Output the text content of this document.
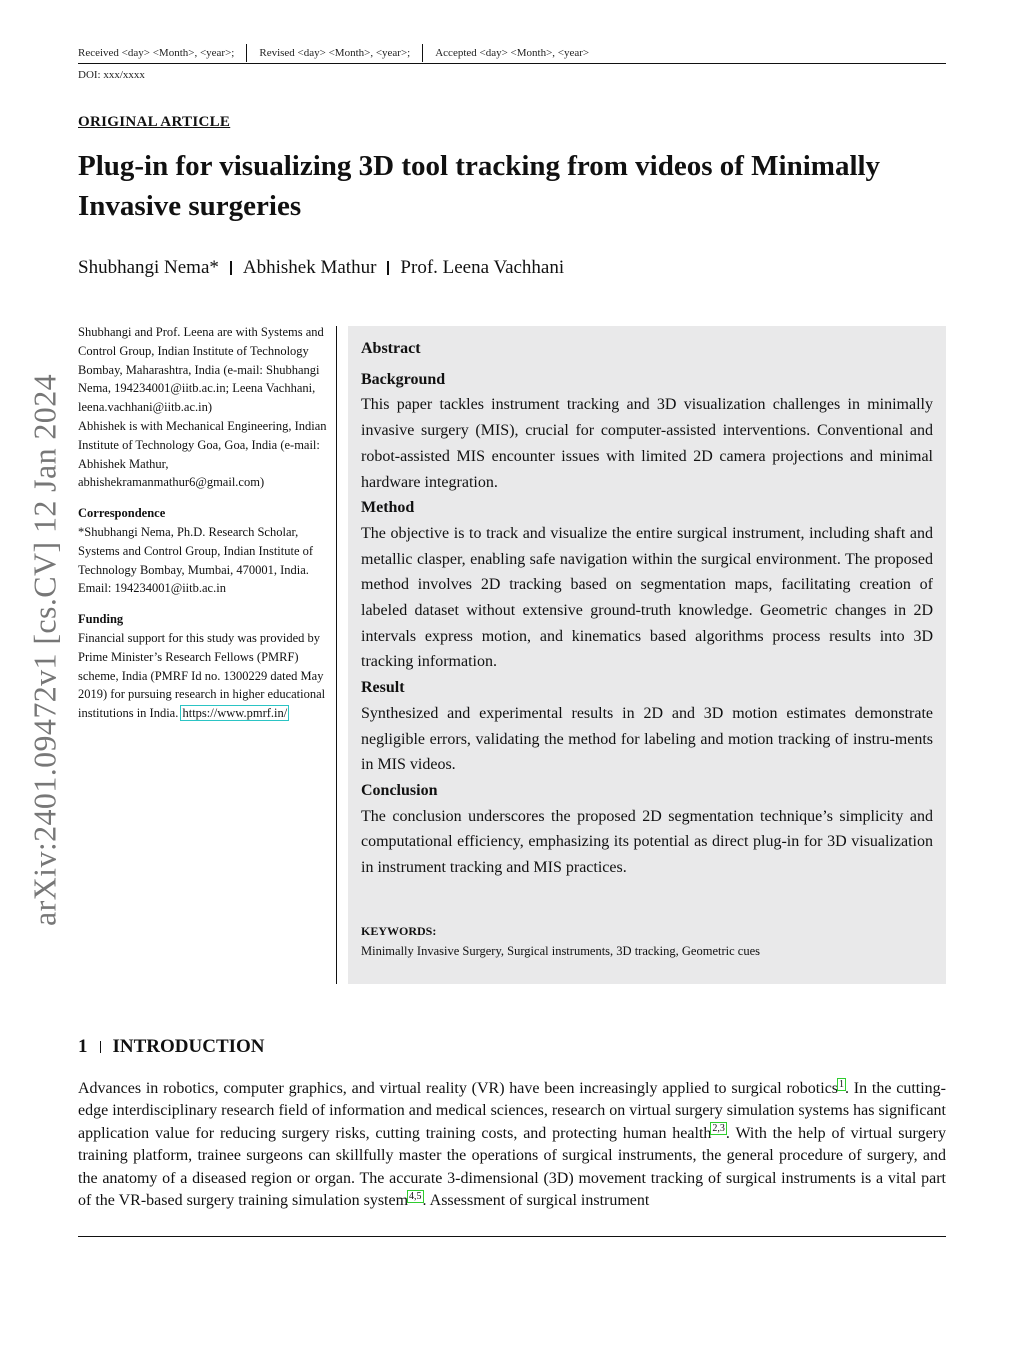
Received <day> <Month>, <year>; Revised <day> <Month>, <year>; Accepted <day> <Month>, <year>
DOI: xxx/xxxx
ORIGINAL ARTICLE
Plug-in for visualizing 3D tool tracking from videos of Minimally Invasive surgeries
Shubhangi Nema* Abhishek Mathur Prof. Leena Vachhani
arXiv:2401.09472v1 [cs.CV] 12 Jan 2024

Shubhangi and Prof. Leena are with Systems and Control Group, Indian Institute of Technology Bombay, Maharashtra, India (e-mail: Shubhangi Nema, 194234001@iitb.ac.in; Leena Vachhani, leena.vachhani@iitb.ac.in)

Abhishek is with Mechanical Engineering, Indian Institute of Technology Goa, Goa, India (e-mail: Abhishek Mathur, abhishekramanmathur6@gmail.com)

Correspondence

*Shubhangi Nema, Ph.D. Research Scholar, Systems and Control Group, Indian Institute of Technology Bombay, Mumbai, 470001, India. Email: 194234001@iitb.ac.in

Funding

Financial support for this study was provided by Prime Minister’s Research Fellows (PMRF) scheme, India (PMRF Id no. 1300229 dated May 2019) for pursuing research in higher educational institutions in India. https://www.pmrf.in/

Abstract

Background

This paper tackles instrument tracking and 3D visualization challenges in minimally invasive surgery (MIS), crucial for computer-assisted interventions. Conventional and robot-assisted MIS encounter issues with limited 2D camera projections and minimal hardware integration.

Method

The objective is to track and visualize the entire surgical instrument, including shaft and metallic clasper, enabling safe navigation within the surgical environment. The proposed method involves 2D tracking based on segmentation maps, facilitating creation of labeled dataset without extensive ground-truth knowledge. Geometric changes in 2D intervals express motion, and kinematics based algorithms process results into 3D tracking information.

Result

Synthesized and experimental results in 2D and 3D motion estimates demonstrate negligible errors, validating the method for labeling and motion tracking of instru-ments in MIS videos.

Conclusion

The conclusion underscores the proposed 2D segmentation technique’s simplicity and computational efficiency, emphasizing its potential as direct plug-in for 3D visualization in instrument tracking and MIS practices.

KEYWORDS:
Minimally Invasive Surgery, Surgical instruments, 3D tracking, Geometric cues
1 INTRODUCTION

Advances in robotics, computer graphics, and virtual reality (VR) have been increasingly applied to surgical robotics$^1$. In the cutting-edge interdisciplinary research field of information and medical sciences, research on virtual surgery simulation systems has significant application value for reducing surgery risks, cutting training costs, and protecting human health$^{2,3}$. With the help of virtual surgery training platform, trainee surgeons can skillfully master the operations of surgical instruments, the general procedure of surgery, and the anatomy of a diseased region or organ. The accurate 3-dimensional (3D) movement tracking of surgical instruments is a vital part of the VR-based surgery training simulation system$^{4,5}$. Assessment of surgical instrument
